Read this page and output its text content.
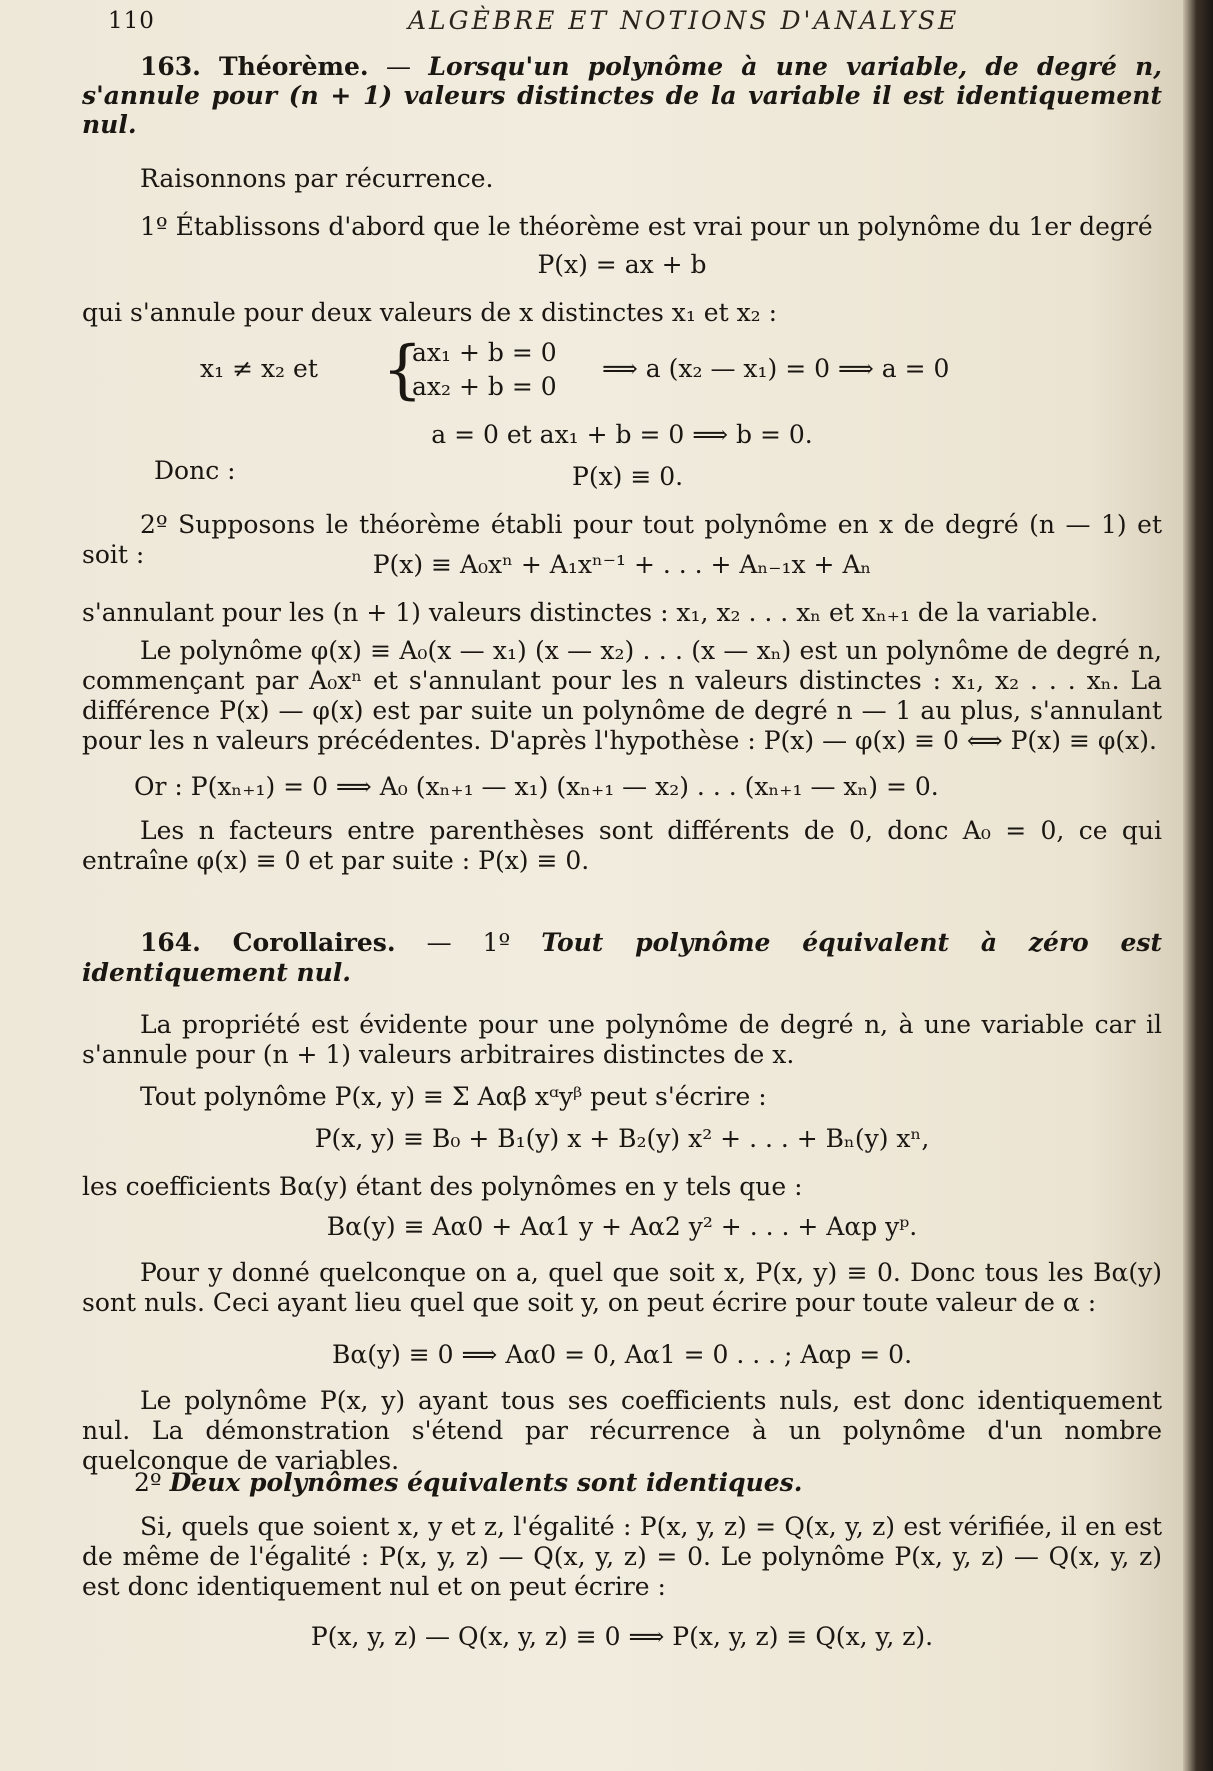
110	ALGÈBRE ET NOTIONS D'ANALYSE

163. Théorème. — Lorsqu'un polynôme à une variable, de degré n, s'annule pour (n + 1) valeurs distinctes de la variable il est identiquement nul.

Raisonnons par récurrence.

1º Établissons d'abord que le théorème est vrai pour un polynôme du 1er degré

P(x) = ax + b

qui s'annule pour deux valeurs de x distinctes x₁ et x₂ :

x₁ ≠ x₂ et {
ax₁ + b = 0
ax₂ + b = 0
⟹ a (x₂ — x₁) = 0 ⟹ a = 0
a = 0 et ax₁ + b = 0 ⟹ b = 0.
Donc :	P(x) ≡ 0.

2º Supposons le théorème établi pour tout polynôme en x de degré (n — 1) et soit :	P(x) ≡ A₀xⁿ + A₁xⁿ⁻¹ + . . . + Aₙ₋₁x + Aₙ

s'annulant pour les (n + 1) valeurs distinctes : x₁, x₂ . . . xₙ et xₙ₊₁ de la variable.

Le polynôme φ(x) ≡ A₀(x — x₁) (x — x₂) . . . (x — xₙ) est un polynôme de degré n, commençant par A₀xⁿ et s'annulant pour les n valeurs distinctes : x₁, x₂ . . . xₙ. La différence P(x) — φ(x) est par suite un polynôme de degré n — 1 au plus, s'annulant pour les n valeurs précédentes. D'après l'hypothèse : P(x) — φ(x) ≡ 0 ⟺ P(x) ≡ φ(x).

Or : P(xₙ₊₁) = 0 ⟹ A₀ (xₙ₊₁ — x₁) (xₙ₊₁ — x₂) . . . (xₙ₊₁ — xₙ) = 0.

Les n facteurs entre parenthèses sont différents de 0, donc A₀ = 0, ce qui entraîne φ(x) ≡ 0 et par suite : P(x) ≡ 0.

164. Corollaires. — 1º Tout polynôme équivalent à zéro est identiquement nul.

La propriété est évidente pour une polynôme de degré n, à une variable car il s'annule pour (n + 1) valeurs arbitraires distinctes de x.

Tout polynôme P(x, y) ≡ Σ Aαβ xᵅyᵝ peut s'écrire :

P(x, y) ≡ B₀ + B₁(y) x + B₂(y) x² + . . . + Bₙ(y) xⁿ,

les coefficients Bα(y) étant des polynômes en y tels que :

Bα(y) ≡ Aα0 + Aα1 y + Aα2 y² + . . . + Aαp yᵖ.

Pour y donné quelconque on a, quel que soit x, P(x, y) ≡ 0. Donc tous les Bα(y) sont nuls. Ceci ayant lieu quel que soit y, on peut écrire pour toute valeur de α :

Bα(y) ≡ 0 ⟹ Aα0 = 0, Aα1 = 0 . . . ; Aαp = 0.

Le polynôme P(x, y) ayant tous ses coefficients nuls, est donc identiquement nul. La démonstration s'étend par récurrence à un polynôme d'un nombre quelconque de variables.

2º Deux polynômes équivalents sont identiques.

Si, quels que soient x, y et z, l'égalité : P(x, y, z) = Q(x, y, z) est vérifiée, il en est de même de l'égalité : P(x, y, z) — Q(x, y, z) = 0. Le polynôme P(x, y, z) — Q(x, y, z) est donc identiquement nul et on peut écrire :

P(x, y, z) — Q(x, y, z) ≡ 0 ⟹ P(x, y, z) ≡ Q(x, y, z).
